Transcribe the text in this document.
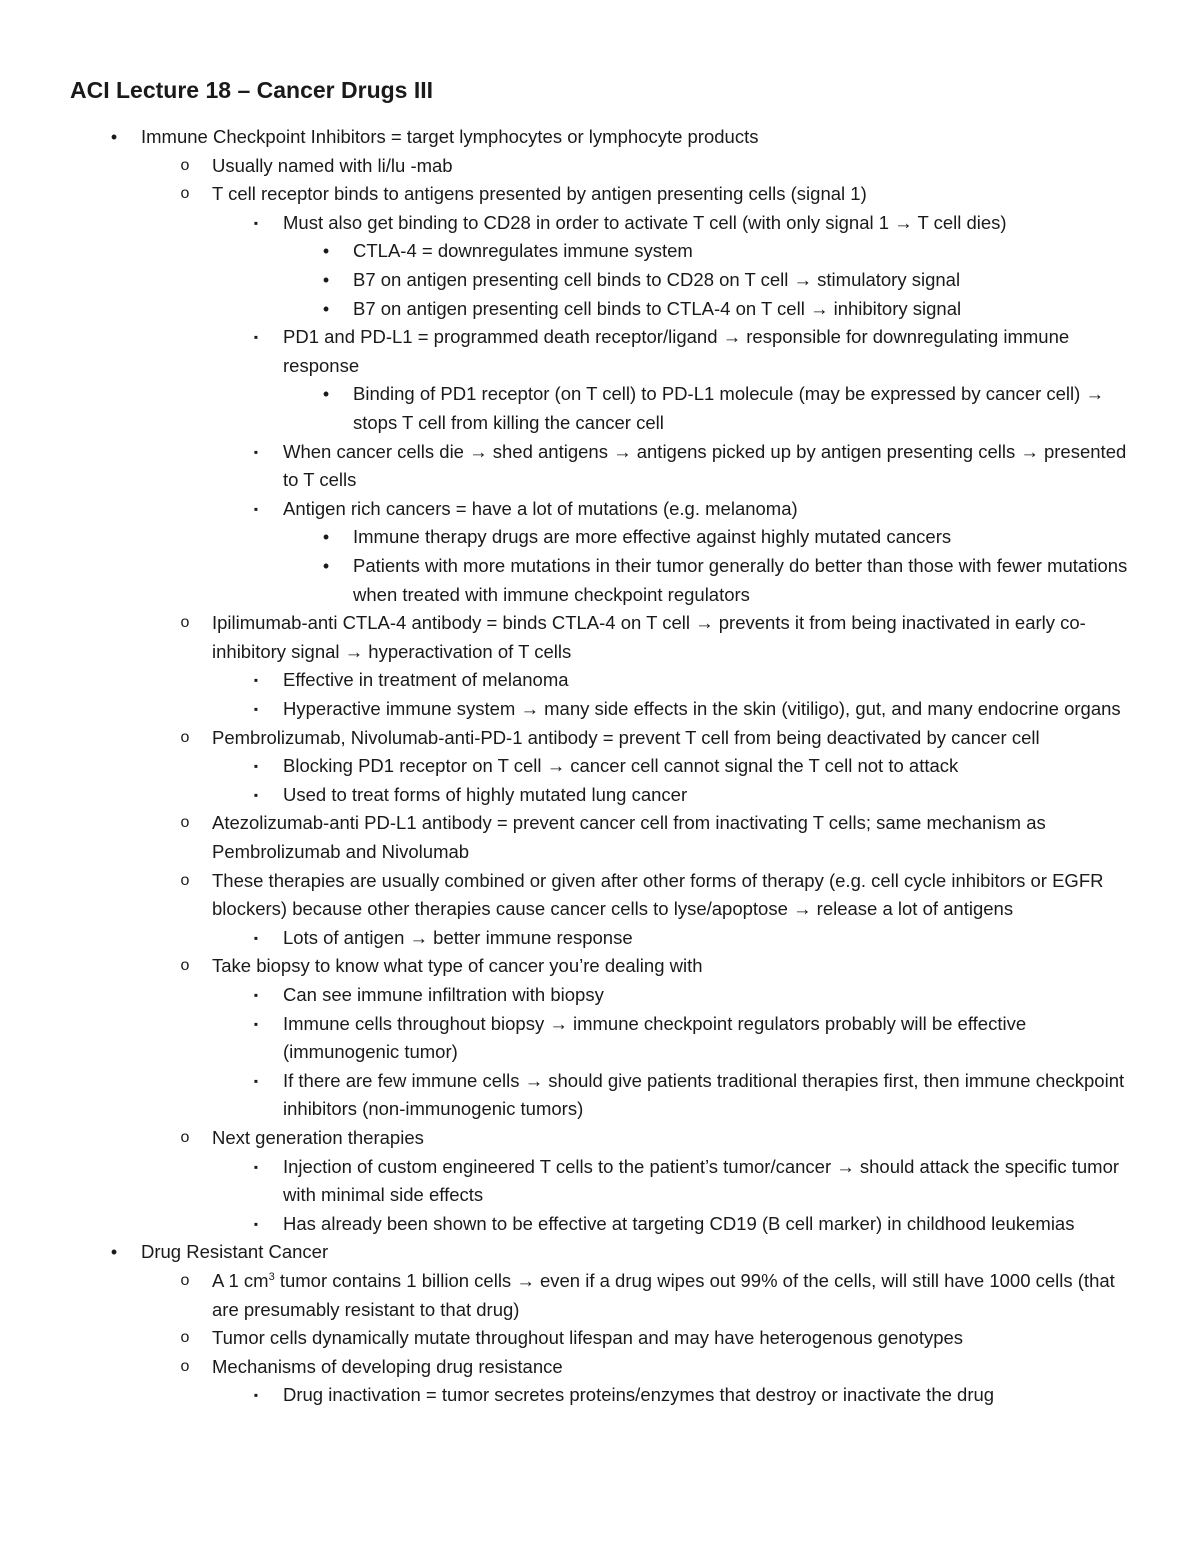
ACI Lecture 18 – Cancer Drugs III
•	Immune Checkpoint Inhibitors = target lymphocytes or lymphocyte products
o Usually named with li/lu -mab
o T cell receptor binds to antigens presented by antigen presenting cells (signal 1)
▪	Must also get binding to CD28 in order to activate T cell (with only signal 1 → T cell dies)
•	CTLA-4 = downregulates immune system
•	B7 on antigen presenting cell binds to CD28 on T cell → stimulatory signal
•	B7 on antigen presenting cell binds to CTLA-4 on T cell → inhibitory signal
▪	PD1 and PD-L1 = programmed death receptor/ligand → responsible for downregulating immune response
•	Binding of PD1 receptor (on T cell) to PD-L1 molecule (may be expressed by cancer cell) → stops T cell from killing the cancer cell
▪	When cancer cells die → shed antigens → antigens picked up by antigen presenting cells → presented to T cells
▪	Antigen rich cancers = have a lot of mutations (e.g. melanoma)
•	Immune therapy drugs are more effective against highly mutated cancers
•	Patients with more mutations in their tumor generally do better than those with fewer mutations when treated with immune checkpoint regulators
o Ipilimumab-anti CTLA-4 antibody = binds CTLA-4 on T cell → prevents it from being inactivated in early co-inhibitory signal → hyperactivation of T cells
▪	Effective in treatment of melanoma
▪	Hyperactive immune system → many side effects in the skin (vitiligo), gut, and many endocrine organs
o Pembrolizumab, Nivolumab-anti-PD-1 antibody = prevent T cell from being deactivated by cancer cell
▪	Blocking PD1 receptor on T cell → cancer cell cannot signal the T cell not to attack
▪	Used to treat forms of highly mutated lung cancer
o Atezolizumab-anti PD-L1 antibody = prevent cancer cell from inactivating T cells; same mechanism as Pembrolizumab and Nivolumab
o These therapies are usually combined or given after other forms of therapy (e.g. cell cycle inhibitors or EGFR blockers) because other therapies cause cancer cells to lyse/apoptose → release a lot of antigens
▪	Lots of antigen → better immune response
o Take biopsy to know what type of cancer you’re dealing with
▪	Can see immune infiltration with biopsy
▪	Immune cells throughout biopsy → immune checkpoint regulators probably will be effective (immunogenic tumor)
▪	If there are few immune cells → should give patients traditional therapies first, then immune checkpoint inhibitors (non-immunogenic tumors)
o Next generation therapies
▪	Injection of custom engineered T cells to the patient’s tumor/cancer → should attack the specific tumor with minimal side effects
▪	Has already been shown to be effective at targeting CD19 (B cell marker) in childhood leukemias
•	Drug Resistant Cancer
o A 1 $cm^3$ tumor contains 1 billion cells → even if a drug wipes out 99% of the cells, will still have 1000 cells (that are presumably resistant to that drug)
o Tumor cells dynamically mutate throughout lifespan and may have heterogenous genotypes
o Mechanisms of developing drug resistance
▪	Drug inactivation = tumor secretes proteins/enzymes that destroy or inactivate the drug
